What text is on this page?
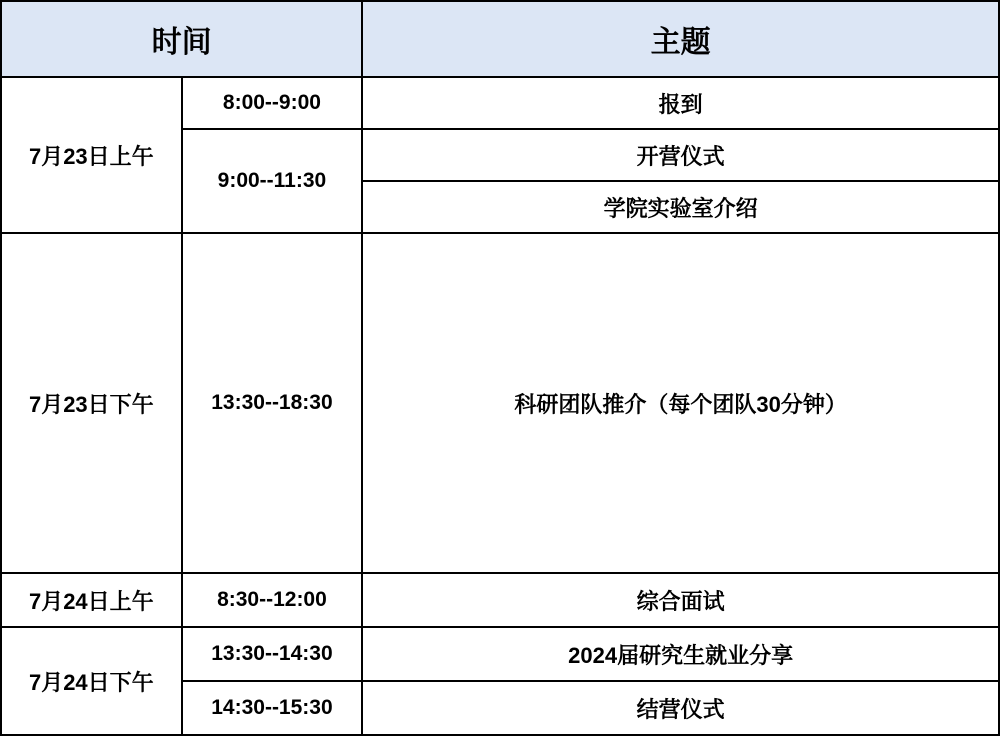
时间		主题
7月23日上午	8:00--9:00	报到
	9:00--11:30	开营仪式
		学院实验室介绍
7月23日下午	13:30--18:30	科研团队推介（每个团队30分钟）
7月24日上午	8:30--12:00	综合面试
7月24日下午	13:30--14:30	2024届研究生就业分享
	14:30--15:30	结营仪式
